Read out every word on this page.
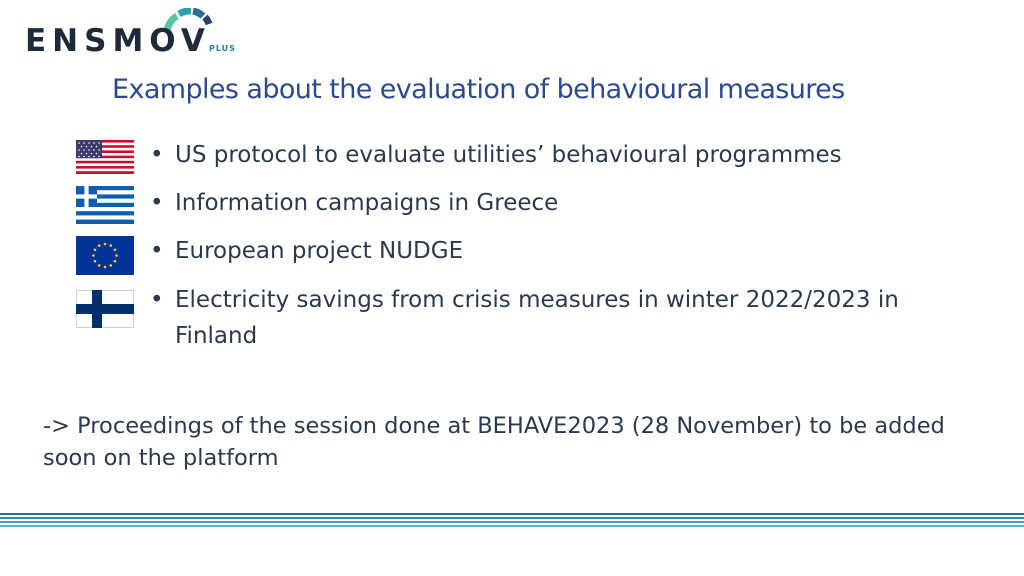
ENSMOV
PLUS
Examples about the evaluation of behavioural measures
• US protocol to evaluate utilities’ behavioural programmes
• Information campaigns in Greece
• European project NUDGE
• Electricity savings from crisis measures in winter 2022/2023 in Finland
-> Proceedings of the session done at BEHAVE2023 (28 November) to be added soon on the platform
